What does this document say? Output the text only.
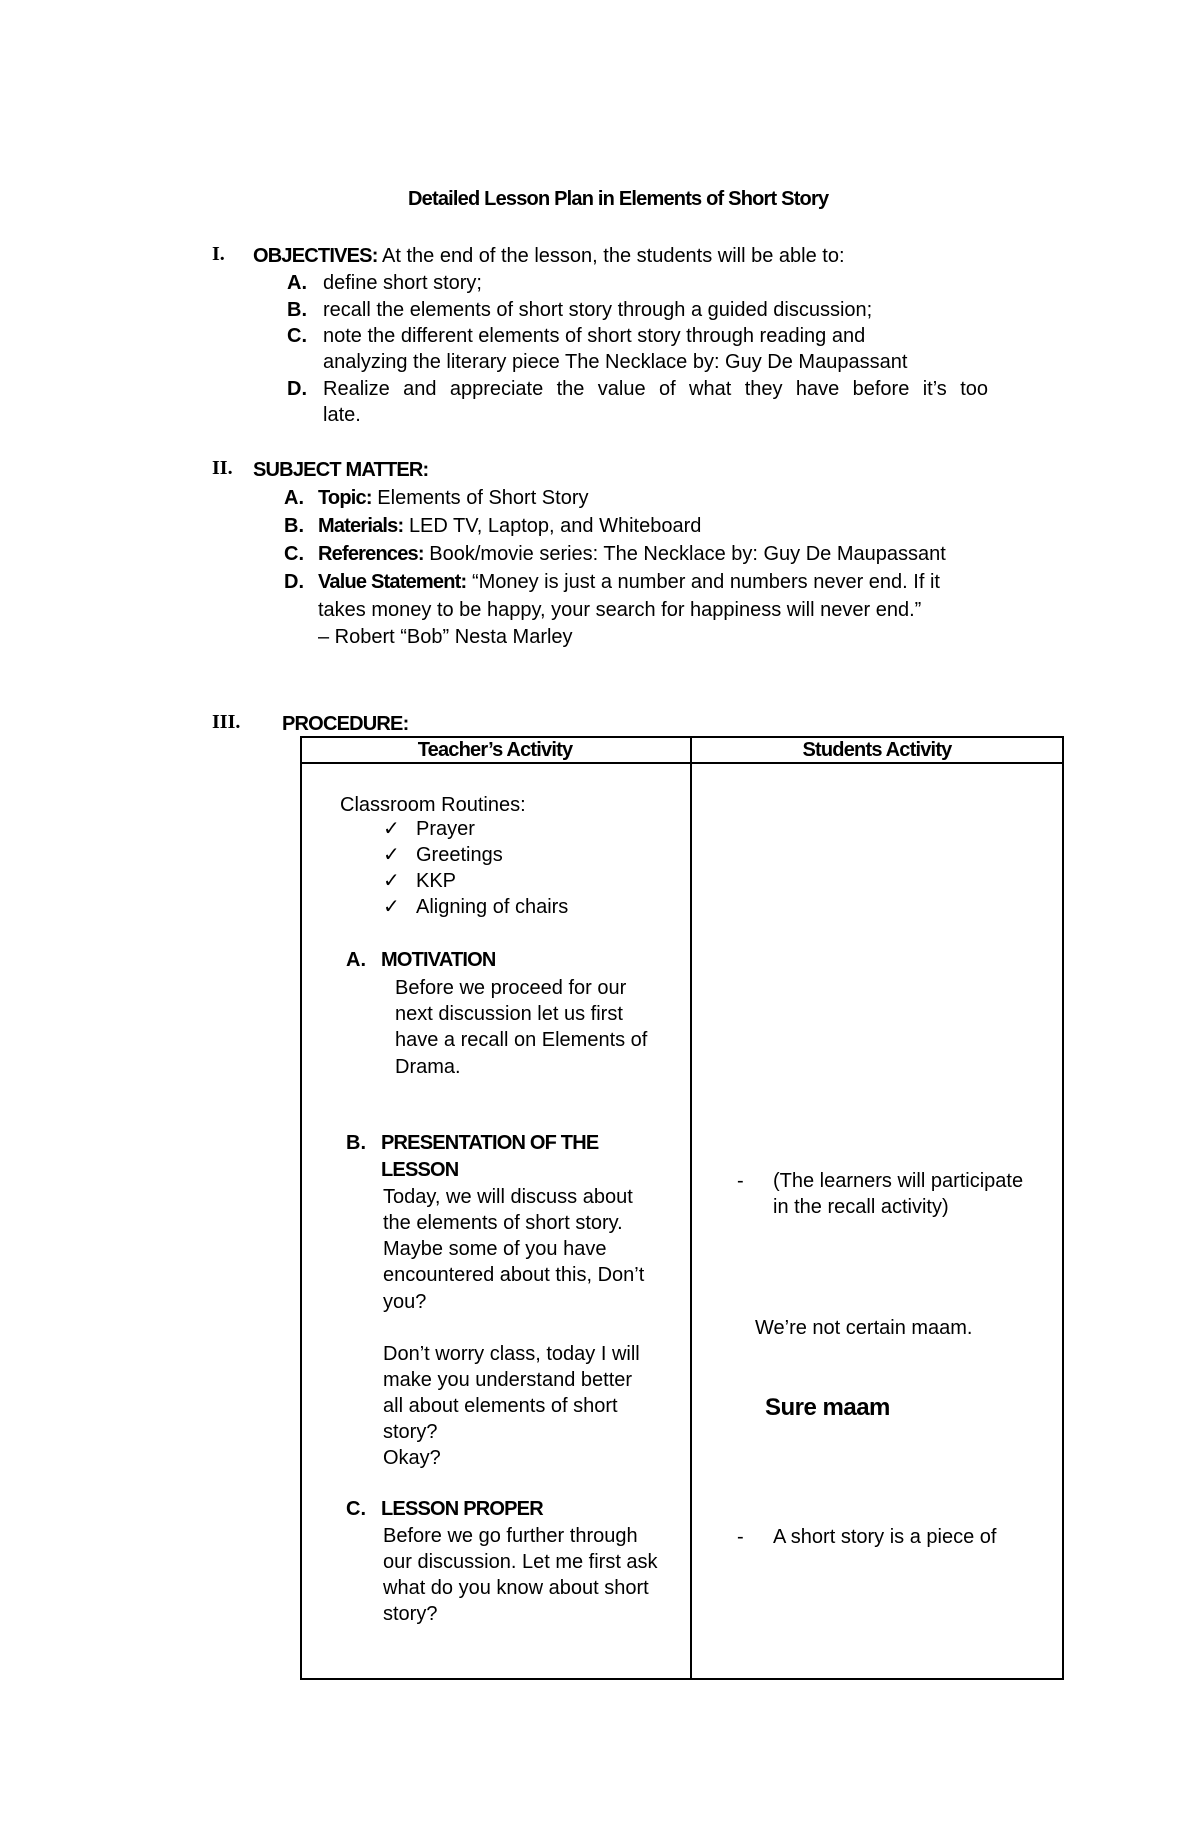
Detailed Lesson Plan in Elements of Short Story
I. OBJECTIVES: At the end of the lesson, the students will be able to:
A. define short story;
B. recall the elements of short story through a guided discussion;
C. note the different elements of short story through reading and
analyzing the literary piece The Necklace by: Guy De Maupassant
D. Realize and appreciate the value of what they have before it’s too
late.
II. SUBJECT MATTER:
A. Topic: Elements of Short Story
B. Materials: LED TV, Laptop, and Whiteboard
C. References: Book/movie series: The Necklace by: Guy De Maupassant
D. Value Statement: “Money is just a number and numbers never end. If it
takes money to be happy, your search for happiness will never end.”
– Robert “Bob” Nesta Marley
III. PROCEDURE:
Teacher’s Activity	Students Activity
Classroom Routines:
✓
Prayer
✓
Greetings
✓
KKP
✓
Aligning of chairs
A. MOTIVATION
Before we proceed for our
next discussion let us first
have a recall on Elements of
Drama.
B. PRESENTATION OF THE
LESSON
Today, we will discuss about
the elements of short story.
Maybe some of you have
encountered about this, Don’t
you?
Don’t worry class, today I will
make you understand better
all about elements of short
story?
Okay?
C. LESSON PROPER
Before we go further through
our discussion. Let me first ask
what do you know about short
story?
- (The learners will participate
in the recall activity)
We’re not certain maam.
Sure maam
- A short story is a piece of
